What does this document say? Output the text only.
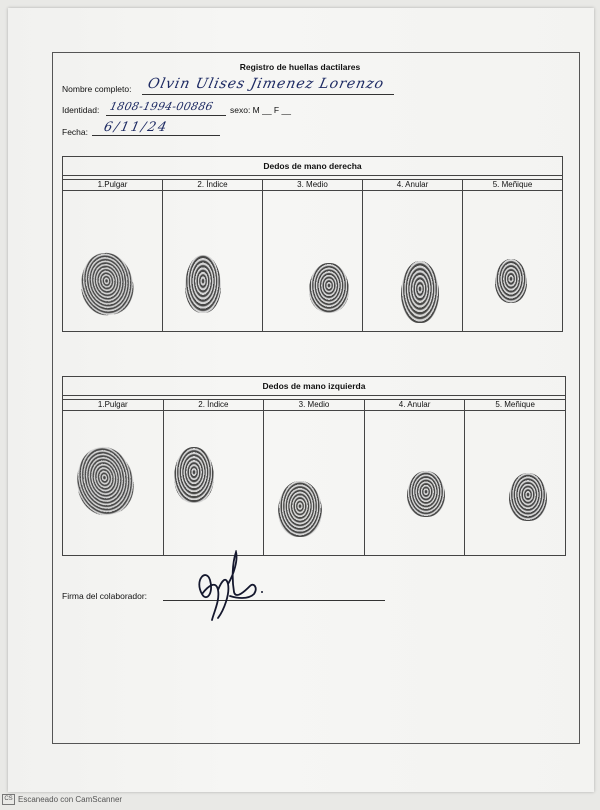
Registro de huellas dactilares
Nombre completo: Olvin Ulises Jimenez Lorenzo
Identidad: 1808-1994-00886 sexo: M __ F __
Fecha: 6/11/24
Dedos de mano derecha
1.Pulgar	2. Índice	3. Medio	4. Anular	5. Meñique
Dedos de mano izquierda
1.Pulgar	2. Índice	3. Medio	4. Anular	5. Meñique
Firma del colaborador:
CS Escaneado con CamScanner
